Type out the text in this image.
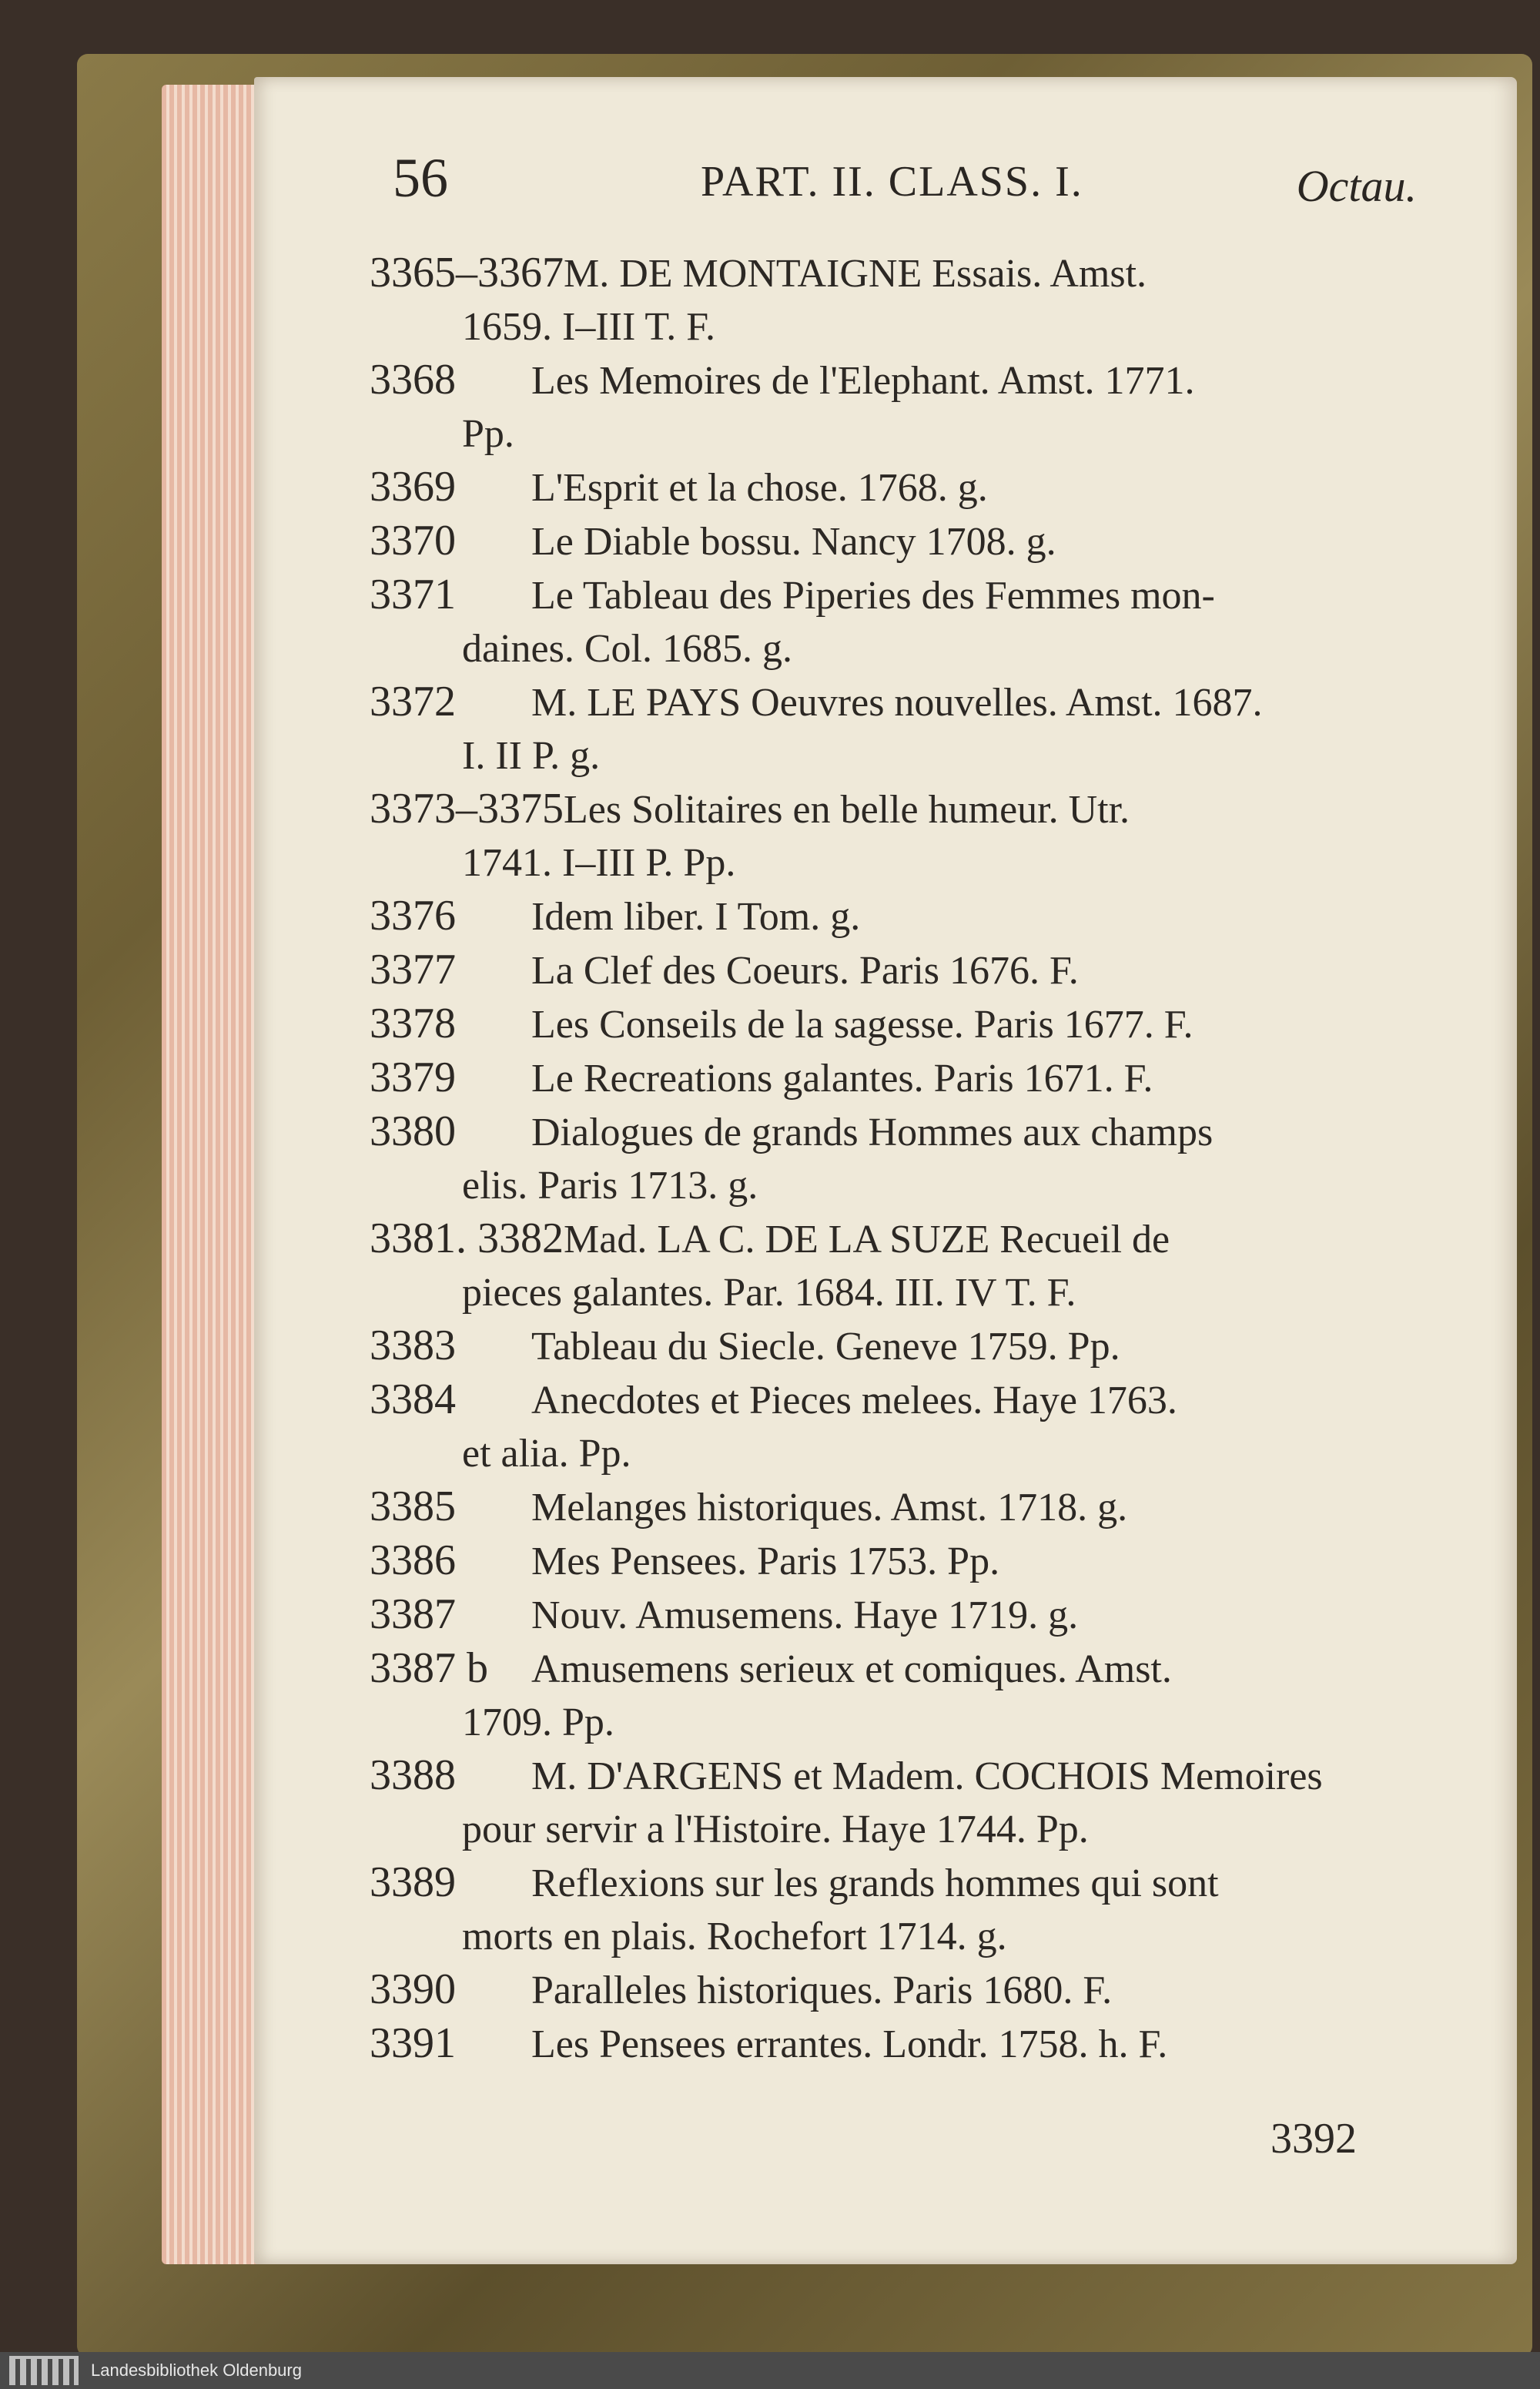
56	PART. II. CLASS. I.	Octau.
3365–3367M. DE MONTAIGNE Essais. Amst.
1659. I–III T. F.
3368 Les Memoires de l'Elephant. Amst. 1771.
Pp.
3369 L'Esprit et la chose. 1768. g.
3370 Le Diable bossu. Nancy 1708. g.
3371 Le Tableau des Piperies des Femmes mon-
daines. Col. 1685. g.
3372 M. LE PAYS Oeuvres nouvelles. Amst. 1687.
I. II P. g.
3373–3375Les Solitaires en belle humeur. Utr.
1741. I–III P. Pp.
3376 Idem liber. I Tom. g.
3377 La Clef des Coeurs. Paris 1676. F.
3378 Les Conseils de la sagesse. Paris 1677. F.
3379 Le Recreations galantes. Paris 1671. F.
3380 Dialogues de grands Hommes aux champs
elis. Paris 1713. g.
3381. 3382Mad. LA C. DE LA SUZE Recueil de
pieces galantes. Par. 1684. III. IV T. F.
3383 Tableau du Siecle. Geneve 1759. Pp.
3384 Anecdotes et Pieces melees. Haye 1763.
et alia. Pp.
3385 Melanges historiques. Amst. 1718. g.
3386 Mes Pensees. Paris 1753. Pp.
3387 Nouv. Amusemens. Haye 1719. g.
3387 b Amusemens serieux et comiques. Amst.
1709. Pp.
3388 M. D'ARGENS et Madem. COCHOIS Memoires
pour servir a l'Histoire. Haye 1744. Pp.
3389 Reflexions sur les grands hommes qui sont
morts en plais. Rochefort 1714. g.
3390 Paralleles historiques. Paris 1680. F.
3391 Les Pensees errantes. Londr. 1758. h. F.
3392
Landesbibliothek Oldenburg
